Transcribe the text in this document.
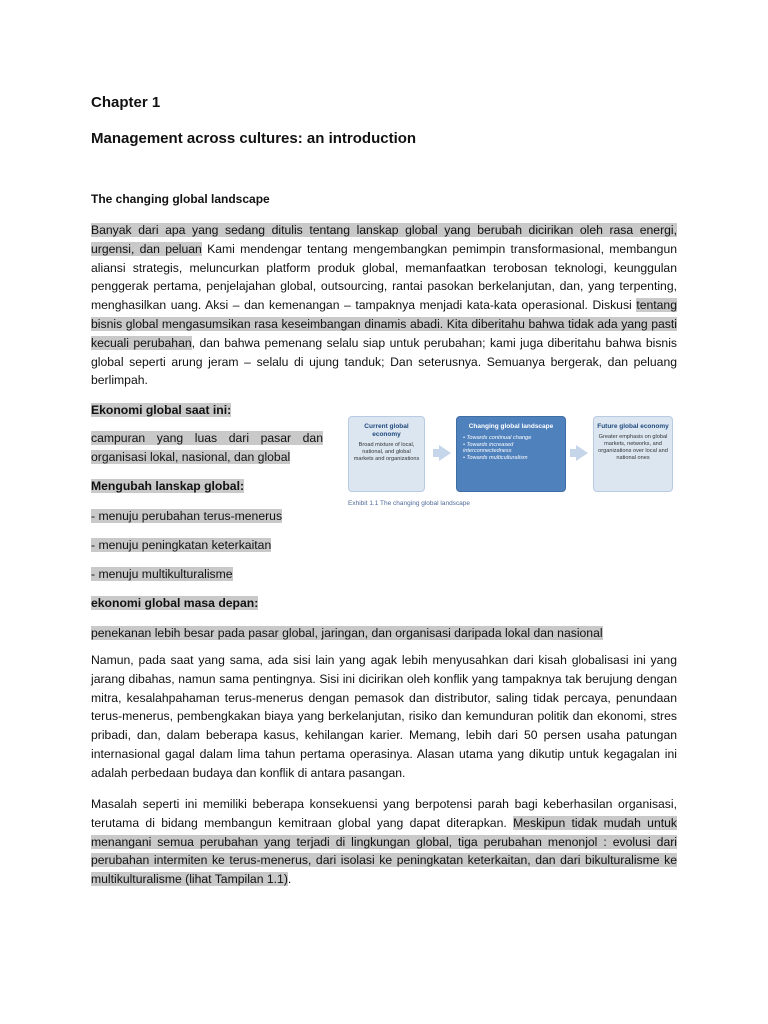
Chapter 1
Management across cultures: an introduction
The changing global landscape

Banyak dari apa yang sedang ditulis tentang lanskap global yang berubah dicirikan oleh rasa energi, urgensi, dan peluan Kami mendengar tentang mengembangkan pemimpin transformasional, membangun aliansi strategis, meluncurkan platform produk global, memanfaatkan terobosan teknologi, keunggulan penggerak pertama, penjelajahan global, outsourcing, rantai pasokan berkelanjutan, dan, yang terpenting, menghasilkan uang. Aksi – dan kemenangan – tampaknya menjadi kata-kata operasional. Diskusi tentang bisnis global mengasumsikan rasa keseimbangan dinamis abadi. Kita diberitahu bahwa tidak ada yang pasti kecuali perubahan, dan bahwa pemenang selalu siap untuk perubahan; kami juga diberitahu bahwa bisnis global seperti arung jeram – selalu di ujung tanduk; Dan seterusnya. Semuanya bergerak, dan peluang berlimpah.

Ekonomi global saat ini:

campuran yang luas dari pasar dan organisasi lokal, nasional, dan global

Mengubah lanskap global:

- menuju perubahan terus-menerus

- menuju peningkatan keterkaitan

- menuju multikulturalisme

ekonomi global masa depan:

penekanan lebih besar pada pasar global, jaringan, dan organisasi daripada lokal dan nasional

Current global economy
Broad mixture of local, national, and global markets and organizations
Changing global landscape
• Towards continual change
• Towards increased interconnectedness
• Towards multiculturalism
Future global economy
Greater emphasis on global markets, networks, and organizations over local and national ones
Exhibit 1.1 The changing global landscape

Namun, pada saat yang sama, ada sisi lain yang agak lebih menyusahkan dari kisah globalisasi ini yang jarang dibahas, namun sama pentingnya. Sisi ini dicirikan oleh konflik yang tampaknya tak berujung dengan mitra, kesalahpahaman terus-menerus dengan pemasok dan distributor, saling tidak percaya, penundaan terus-menerus, pembengkakan biaya yang berkelanjutan, risiko dan kemunduran politik dan ekonomi, stres pribadi, dan, dalam beberapa kasus, kehilangan karier. Memang, lebih dari 50 persen usaha patungan internasional gagal dalam lima tahun pertama operasinya. Alasan utama yang dikutip untuk kegagalan ini adalah perbedaan budaya dan konflik di antara pasangan.

Masalah seperti ini memiliki beberapa konsekuensi yang berpotensi parah bagi keberhasilan organisasi, terutama di bidang membangun kemitraan global yang dapat diterapkan. Meskipun tidak mudah untuk menangani semua perubahan yang terjadi di lingkungan global, tiga perubahan menonjol : evolusi dari perubahan intermiten ke terus-menerus, dari isolasi ke peningkatan keterkaitan, dan dari bikulturalisme ke multikulturalisme (lihat Tampilan 1.1).
